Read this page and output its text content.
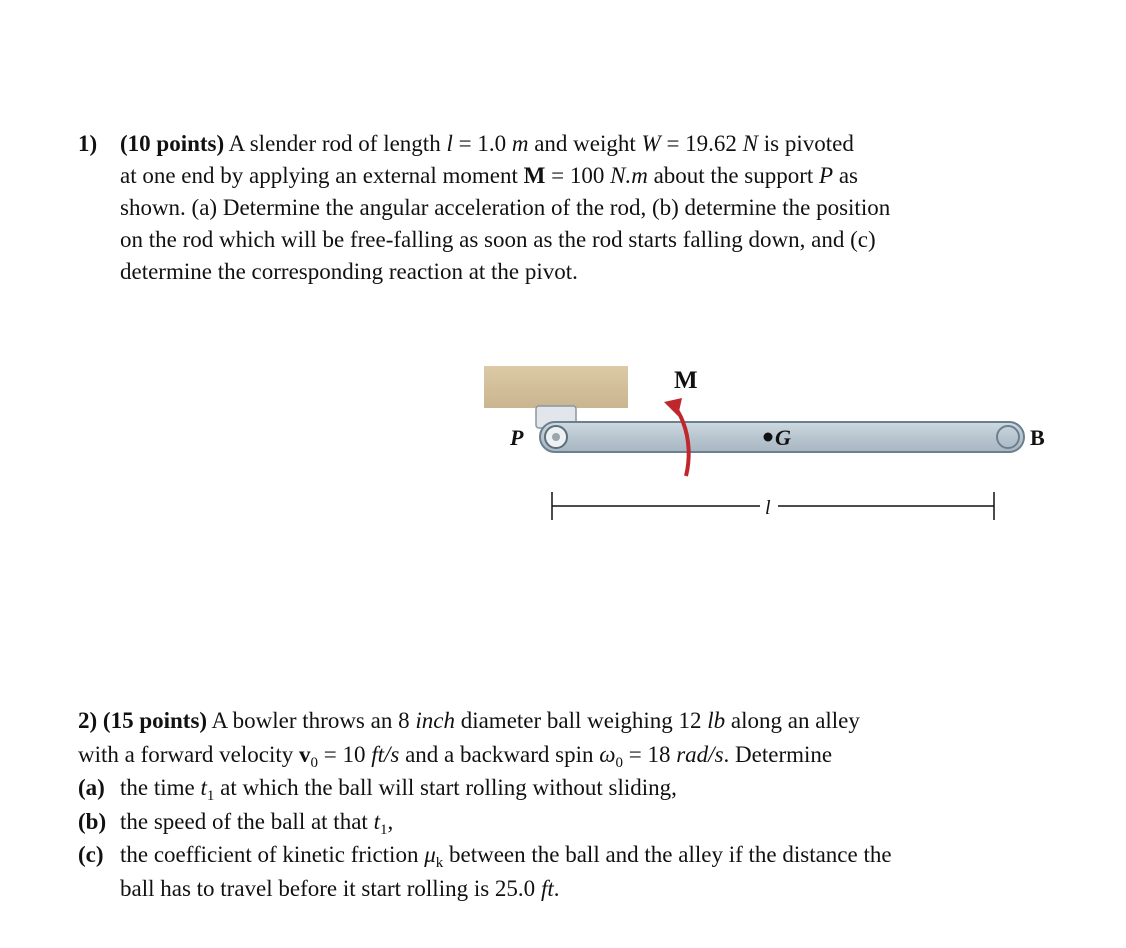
1) (10 points) A slender rod of length l = 1.0 m and weight W = 19.62 N is pivoted
at one end by applying an external moment M = 100 N.m about the support P as
shown. (a) Determine the angular acceleration of the rod, (b) determine the position
on the rod which will be free-falling as soon as the rod starts falling down, and (c)
determine the corresponding reaction at the pivot.
M
P	G	B
l
2) (15 points) A bowler throws an 8 inch diameter ball weighing 12 lb along an alley
with a forward velocity $v_0 = 10$ ft/s and a backward spin $\omega_0 = 18$ rad/s. Determine
(a) the time $t_1$ at which the ball will start rolling without sliding,
(b) the speed of the ball at that $t_1$,
(c) the coefficient of kinetic friction $\mu_k$ between the ball and the alley if the distance the
ball has to travel before it start rolling is 25.0 ft.
